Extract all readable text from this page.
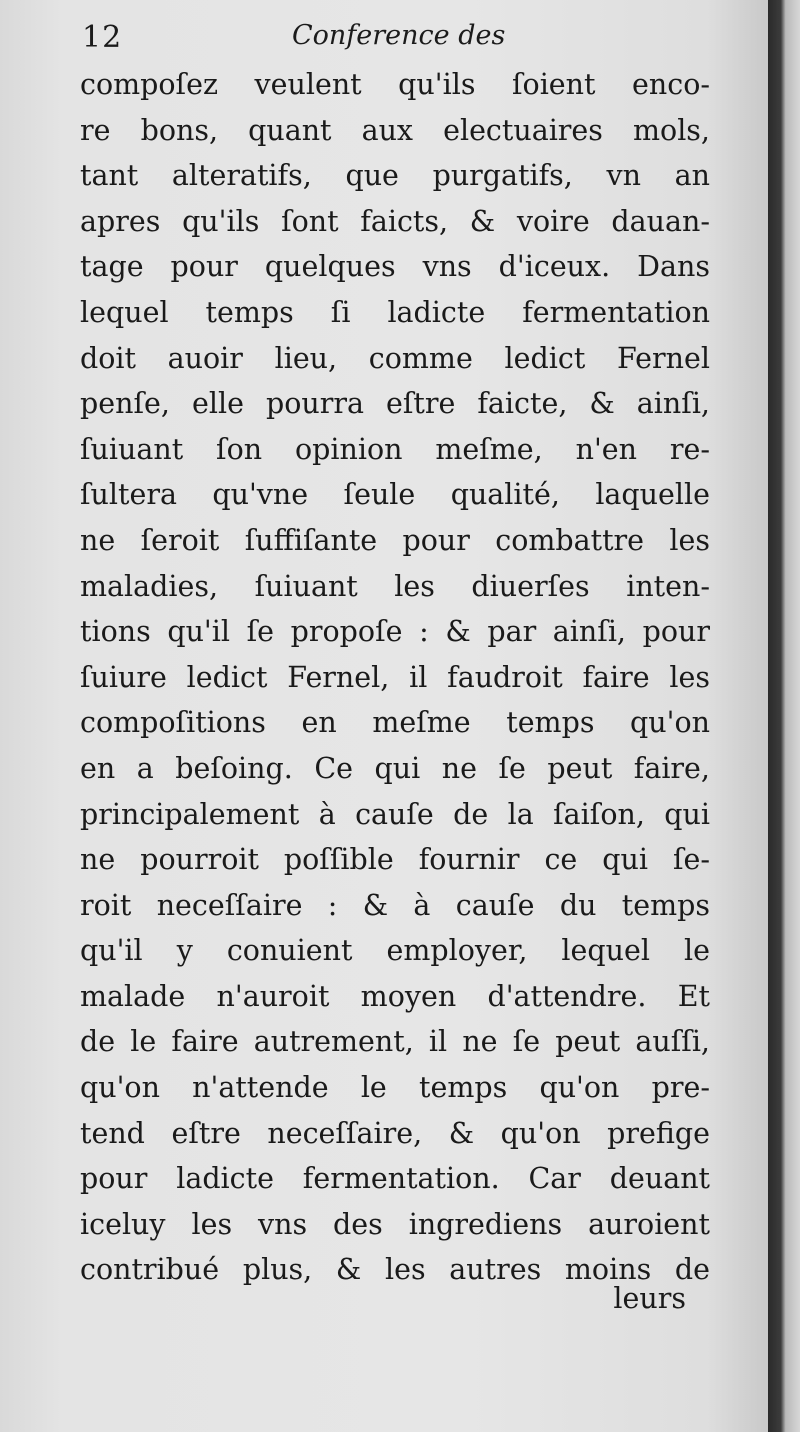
12	Conference des
compoſez veulent qu'ils ſoient enco-
re bons, quant aux electuaires mols,
tant alteratifs, que purgatifs, vn an
apres qu'ils ſont faicts, & voire dauan-
tage pour quelques vns d'iceux. Dans
lequel temps ſi ladicte fermentation
doit auoir lieu, comme ledict Fernel
penſe, elle pourra eſtre faicte, & ainſi,
ſuiuant ſon opinion meſme, n'en re-
ſultera qu'vne ſeule qualité, laquelle
ne ſeroit ſuffiſante pour combattre les
maladies, ſuiuant les diuerſes inten-
tions qu'il ſe propoſe : & par ainſi, pour
ſuiure ledict Fernel, il faudroit faire les
compoſitions en meſme temps qu'on
en a beſoing. Ce qui ne ſe peut faire,
principalement à cauſe de la ſaiſon, qui
ne pourroit poſſible fournir ce qui ſe-
roit neceſſaire : & à cauſe du temps
qu'il y conuient employer, lequel le
malade n'auroit moyen d'attendre. Et
de le faire autrement, il ne ſe peut auſſi,
qu'on n'attende le temps qu'on pre-
tend eſtre neceſſaire, & qu'on prefige
pour ladicte fermentation. Car deuant
iceluy les vns des ingrediens auroient
contribué plus, & les autres moins de
leurs
